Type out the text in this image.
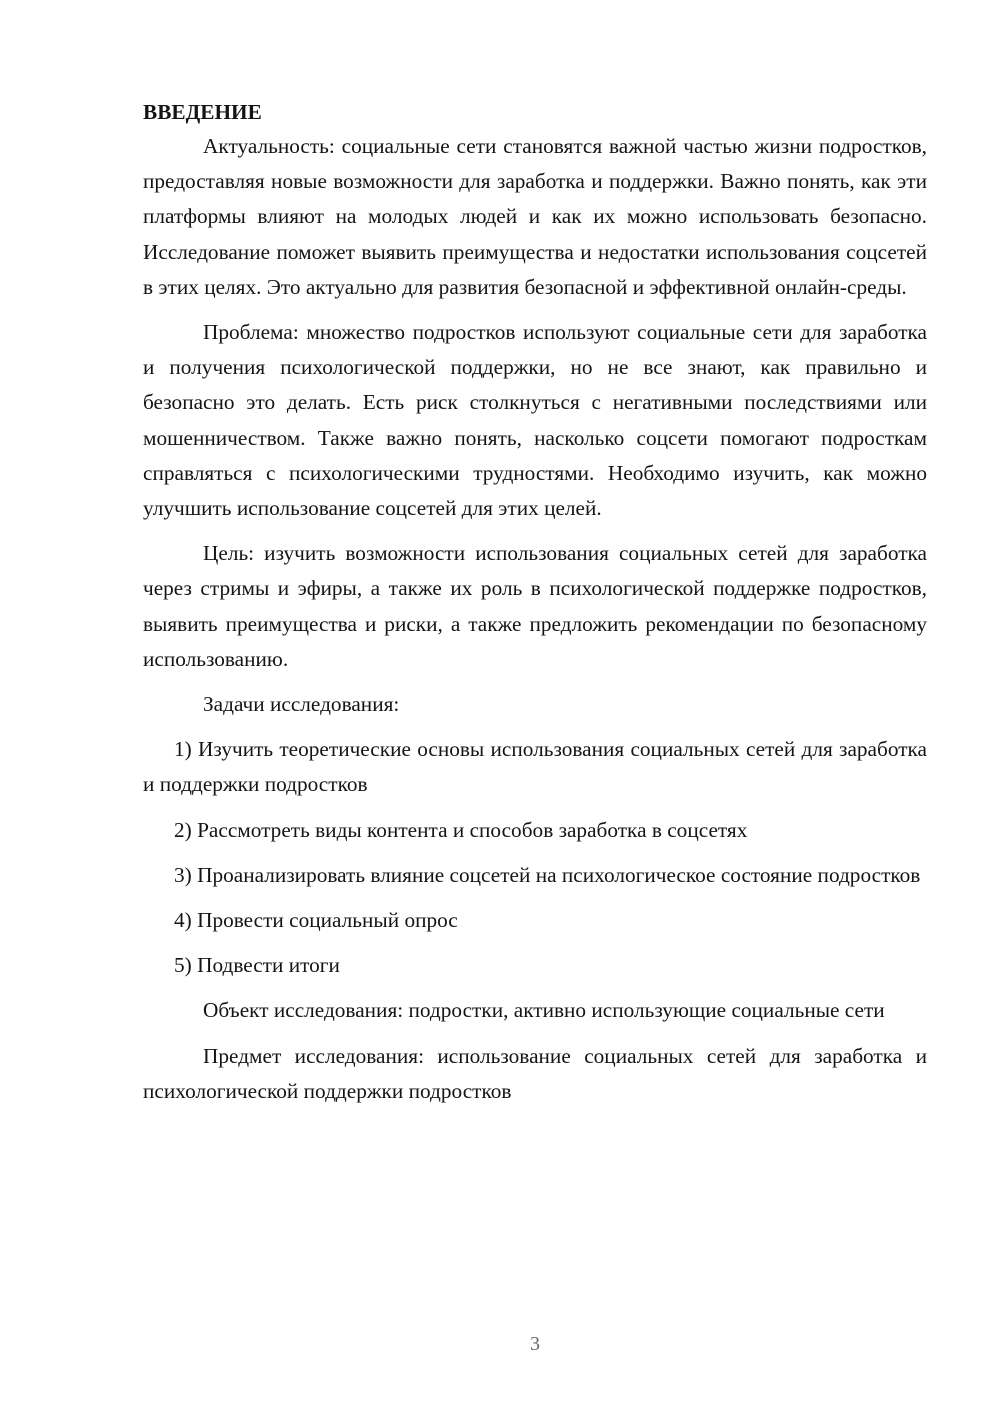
ВВЕДЕНИЕ

Актуальность: социальные сети становятся важной частью жизни подростков, предоставляя новые возможности для заработка и поддержки. Важно понять, как эти платформы влияют на молодых людей и как их можно использовать безопасно. Исследование поможет выявить преимущества и недостатки использования соцсетей в этих целях. Это актуально для развития безопасной и эффективной онлайн-среды.

Проблема: множество подростков используют социальные сети для заработка и получения психологической поддержки, но не все знают, как правильно и безопасно это делать. Есть риск столкнуться с негативными последствиями или мошенничеством. Также важно понять, насколько соцсети помогают подросткам справляться с психологическими трудностями. Необходимо изучить, как можно улучшить использование соцсетей для этих целей.

Цель: изучить возможности использования социальных сетей для заработка через стримы и эфиры, а также их роль в психологической поддержке подростков, выявить преимущества и риски, а также предложить рекомендации по безопасному использованию.

Задачи исследования:

1) Изучить теоретические основы использования социальных сетей для заработка и поддержки подростков

2) Рассмотреть виды контента и способов заработка в соцсетях

3) Проанализировать влияние соцсетей на психологическое состояние подростков

4) Провести социальный опрос

5) Подвести итоги

Объект исследования: подростки, активно использующие социальные сети

Предмет исследования: использование социальных сетей для заработка и психологической поддержки подростков

3
